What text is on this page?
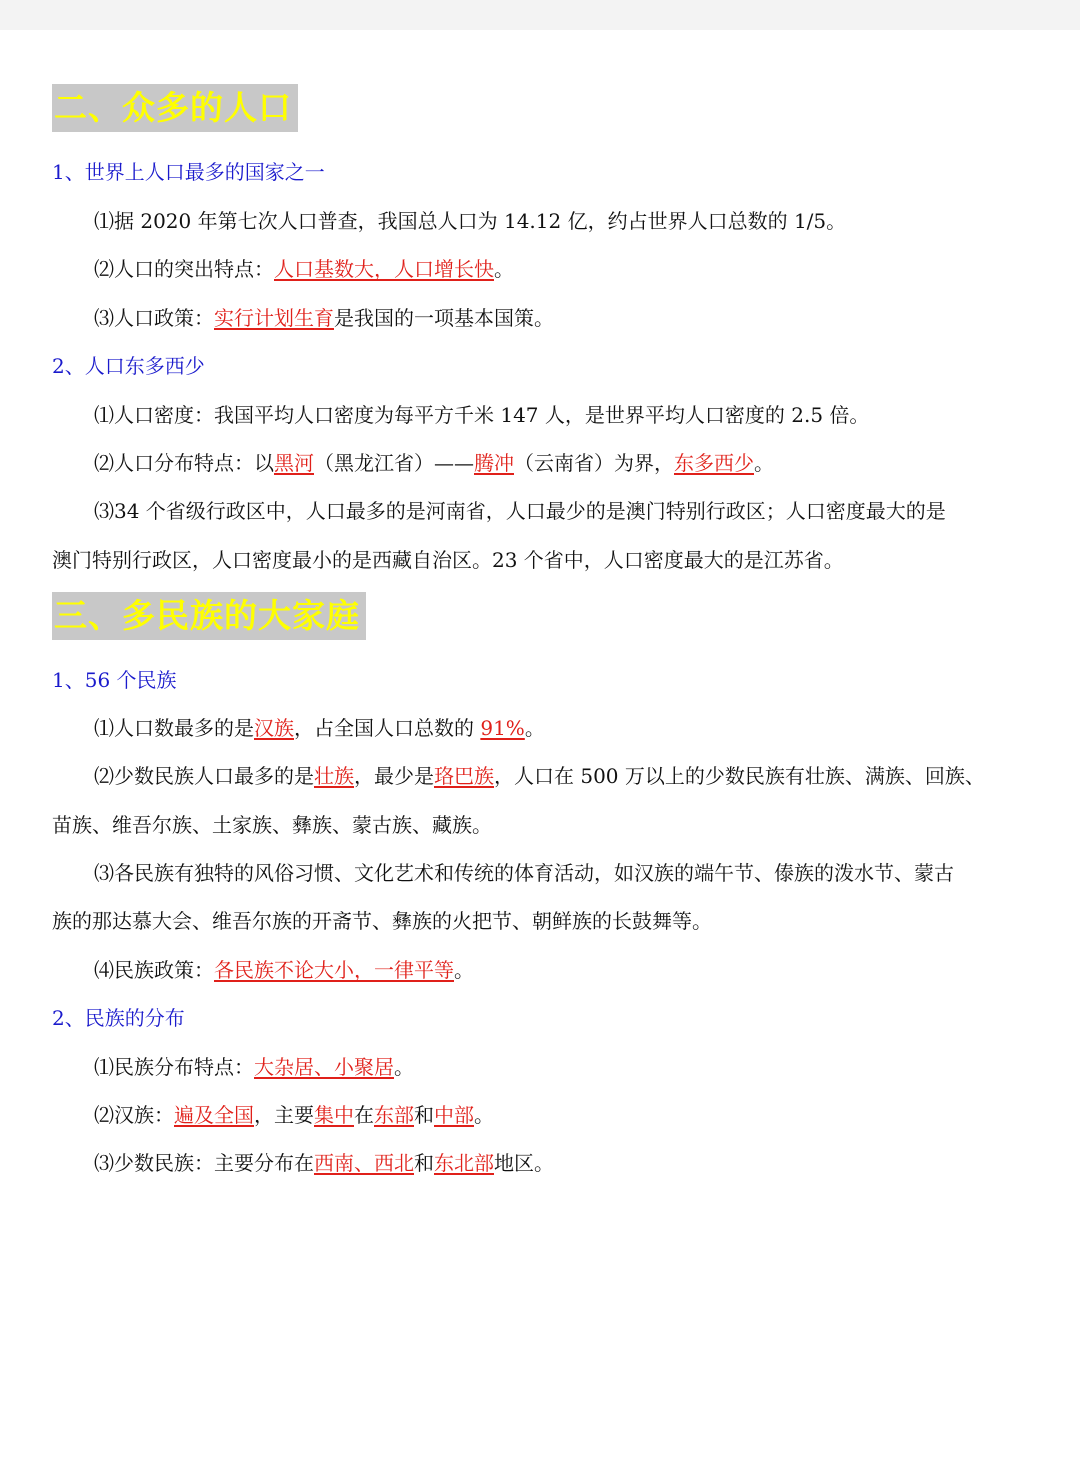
二、众多的人口
1、世界上人口最多的国家之一
⑴据 2020 年第七次人口普查，我国总人口为 14.12 亿，约占世界人口总数的 1/5。
⑵人口的突出特点：人口基数大，人口增长快。
⑶人口政策：实行计划生育是我国的一项基本国策。
2、人口东多西少
⑴人口密度：我国平均人口密度为每平方千米 147 人，是世界平均人口密度的 2.5 倍。
⑵人口分布特点：以黑河（黑龙江省）——腾冲（云南省）为界，东多西少。
⑶34 个省级行政区中，人口最多的是河南省，人口最少的是澳门特别行政区；人口密度最大的是
澳门特别行政区，人口密度最小的是西藏自治区。23 个省中，人口密度最大的是江苏省。
三、多民族的大家庭
1、56 个民族
⑴人口数最多的是汉族，占全国人口总数的 91%。
⑵少数民族人口最多的是壮族，最少是珞巴族，人口在 500 万以上的少数民族有壮族、满族、回族、
苗族、维吾尔族、土家族、彝族、蒙古族、藏族。
⑶各民族有独特的风俗习惯、文化艺术和传统的体育活动，如汉族的端午节、傣族的泼水节、蒙古
族的那达慕大会、维吾尔族的开斋节、彝族的火把节、朝鲜族的长鼓舞等。
⑷民族政策：各民族不论大小，一律平等。
2、民族的分布
⑴民族分布特点：大杂居、小聚居。
⑵汉族：遍及全国，主要集中在东部和中部。
⑶少数民族：主要分布在西南、西北和东北部地区。
